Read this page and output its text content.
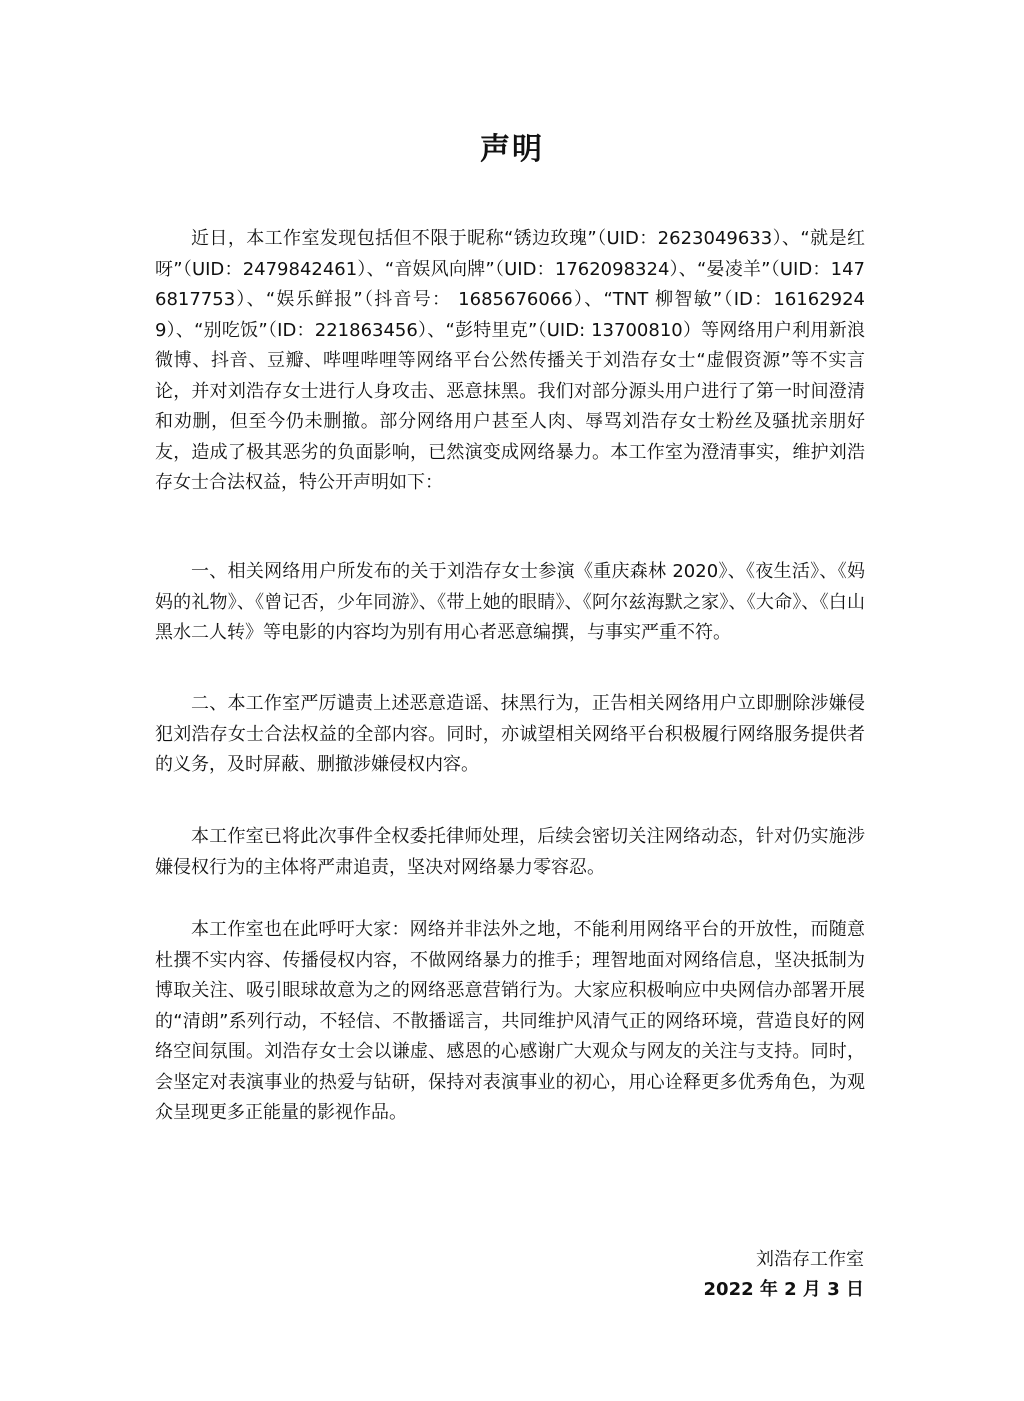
声明

近日，本工作室发现包括但不限于昵称“锈边玫瑰”（UID：2623049633）、“就是红呀”（UID：2479842461）、“音娱风向牌”（UID：1762098324）、“晏凌羊”（UID：1476817753）、“娱乐鲜报”（抖音号： 1685676066）、“TNT 柳智敏”（ID：161629249）、“别吃饭”（ID：221863456）、“彭特里克”（UID: 13700810）等网络用户利用新浪微博、抖音、豆瓣、哔哩哔哩等网络平台公然传播关于刘浩存女士“虚假资源”等不实言论，并对刘浩存女士进行人身攻击、恶意抹黑。我们对部分源头用户进行了第一时间澄清和劝删，但至今仍未删撤。部分网络用户甚至人肉、辱骂刘浩存女士粉丝及骚扰亲朋好友，造成了极其恶劣的负面影响，已然演变成网络暴力。本工作室为澄清事实，维护刘浩存女士合法权益，特公开声明如下：

一、相关网络用户所发布的关于刘浩存女士参演《重庆森林 2020》、《夜生活》、《妈妈的礼物》、《曾记否，少年同游》、《带上她的眼睛》、《阿尔兹海默之家》、《大命》、《白山黑水二人转》等电影的内容均为别有用心者恶意编撰，与事实严重不符。

二、本工作室严厉谴责上述恶意造谣、抹黑行为，正告相关网络用户立即删除涉嫌侵犯刘浩存女士合法权益的全部内容。同时，亦诚望相关网络平台积极履行网络服务提供者的义务，及时屏蔽、删撤涉嫌侵权内容。

本工作室已将此次事件全权委托律师处理，后续会密切关注网络动态，针对仍实施涉嫌侵权行为的主体将严肃追责，坚决对网络暴力零容忍。

本工作室也在此呼吁大家：网络并非法外之地，不能利用网络平台的开放性，而随意杜撰不实内容、传播侵权内容，不做网络暴力的推手；理智地面对网络信息，坚决抵制为博取关注、吸引眼球故意为之的网络恶意营销行为。大家应积极响应中央网信办部署开展的“清朗”系列行动，不轻信、不散播谣言，共同维护风清气正的网络环境，营造良好的网络空间氛围。刘浩存女士会以谦虚、感恩的心感谢广大观众与网友的关注与支持。同时，会坚定对表演事业的热爱与钻研，保持对表演事业的初心，用心诠释更多优秀角色，为观众呈现更多正能量的影视作品。

刘浩存工作室
2022 年 2 月 3 日
